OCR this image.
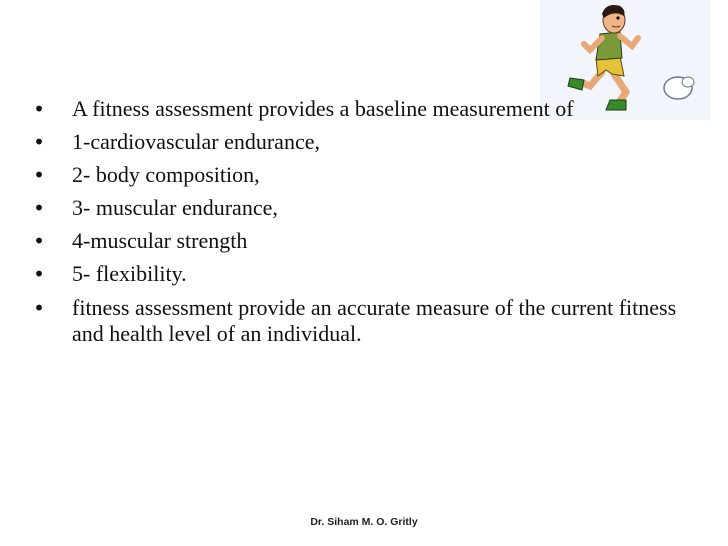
• A fitness assessment provides a baseline measurement of
• 1-cardiovascular endurance,
• 2- body composition,
• 3- muscular endurance,
• 4-muscular strength
• 5- flexibility.
• fitness assessment provide an accurate measure of the current fitness and health level of an individual.
Dr. Siham M. O. Gritly
